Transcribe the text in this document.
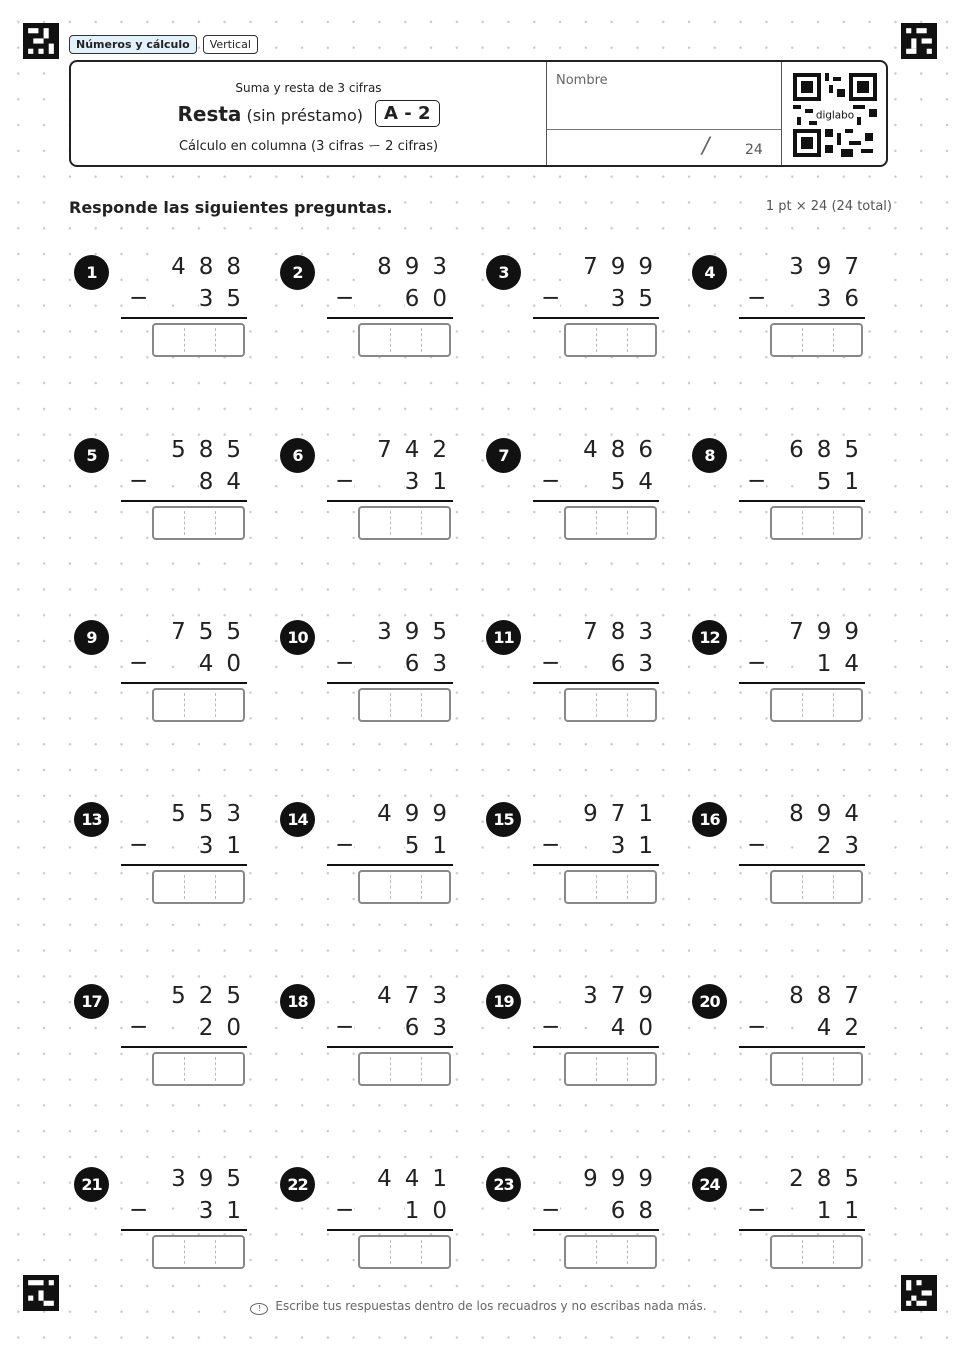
Números y cálculo	Vertical
Suma y resta de 3 cifras
Resta (sin préstamo)	A - 2
Cálculo en columna (3 cifras ー 2 cifras)
Nombre
/	24
diglabo
Responde las siguientes preguntas.	1 pt × 24 (24 total)
1	488
− 35
2	893
− 60
3	799
− 35
4	397
− 36
5	585
− 84
6	742
− 31
7	486
− 54
8	685
− 51
9	755
− 40
10	395
− 63
11	783
− 63
12	799
− 14
13	553
− 31
14	499
− 51
15	971
− 31
16	894
− 23
17	525
− 20
18	473
− 63
19	379
− 40
20	887
− 42
21	395
− 31
22	441
− 10
23	999
− 68
24	285
− 11
! Escribe tus respuestas dentro de los recuadros y no escribas nada más.
